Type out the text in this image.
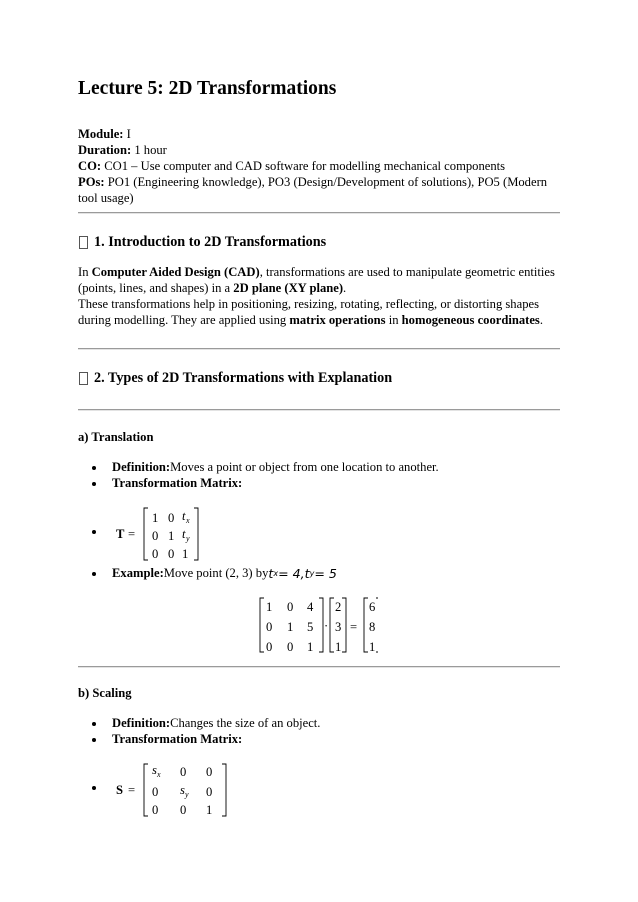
Lecture 5: 2D Transformations
Module: I
Duration: 1 hour
CO: CO1 – Use computer and CAD software for modelling mechanical components
POs: PO1 (Engineering knowledge), PO3 (Design/Development of solutions), PO5 (Modern tool usage)
1. Introduction to 2D Transformations
In Computer Aided Design (CAD), transformations are used to manipulate geometric entities (points, lines, and shapes) in a 2D plane (XY plane).
These transformations help in positioning, resizing, rotating, reflecting, or distorting shapes during modelling. They are applied using matrix operations in homogeneous coordinates.
2. Types of 2D Transformations with Explanation
a) Translation
Definition: Moves a point or object from one location to another.
Transformation Matrix:
T =
1 0 t x
0 1 t y
0 0 1
Example: Move point (2, 3) by t x = 4, t y = 5
· =
1 0 4
0 1 5
0 0 1
2
3
1
6
8
1
b) Scaling
Definition: Changes the size of an object.
Transformation Matrix:
S =
s x 0 0
0 s y 0
0 0 1
